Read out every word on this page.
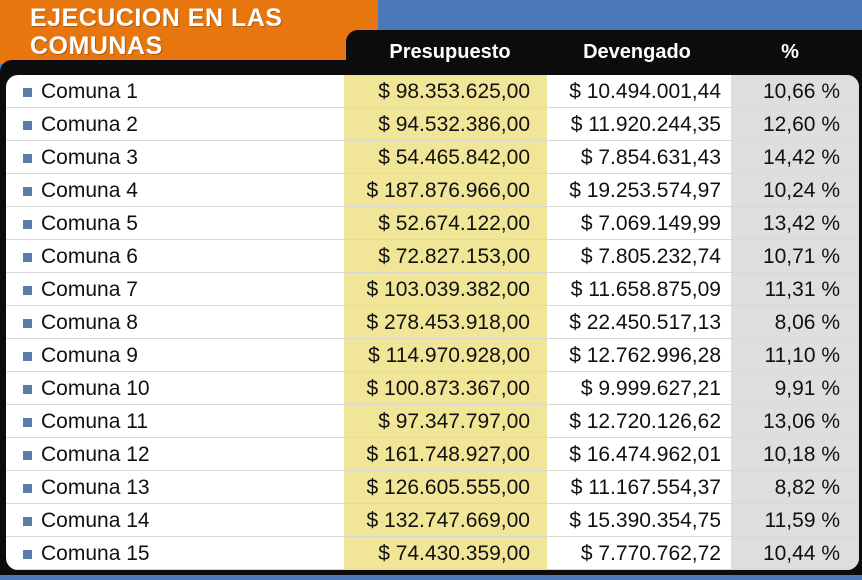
EJECUCION EN LAS
COMUNAS	Presupuesto	Devengado	%
Comuna 1	$ 98.353.625,00	$ 10.494.001,44	10,66 %
Comuna 2	$ 94.532.386,00	$ 11.920.244,35	12,60 %
Comuna 3	$ 54.465.842,00	$ 7.854.631,43	14,42 %
Comuna 4	$ 187.876.966,00	$ 19.253.574,97	10,24 %
Comuna 5	$ 52.674.122,00	$ 7.069.149,99	13,42 %
Comuna 6	$ 72.827.153,00	$ 7.805.232,74	10,71 %
Comuna 7	$ 103.039.382,00	$ 11.658.875,09	11,31 %
Comuna 8	$ 278.453.918,00	$ 22.450.517,13	8,06 %
Comuna 9	$ 114.970.928,00	$ 12.762.996,28	11,10 %
Comuna 10	$ 100.873.367,00	$ 9.999.627,21	9,91 %
Comuna 11	$ 97.347.797,00	$ 12.720.126,62	13,06 %
Comuna 12	$ 161.748.927,00	$ 16.474.962,01	10,18 %
Comuna 13	$ 126.605.555,00	$ 11.167.554,37	8,82 %
Comuna 14	$ 132.747.669,00	$ 15.390.354,75	11,59 %
Comuna 15	$ 74.430.359,00	$ 7.770.762,72	10,44 %
